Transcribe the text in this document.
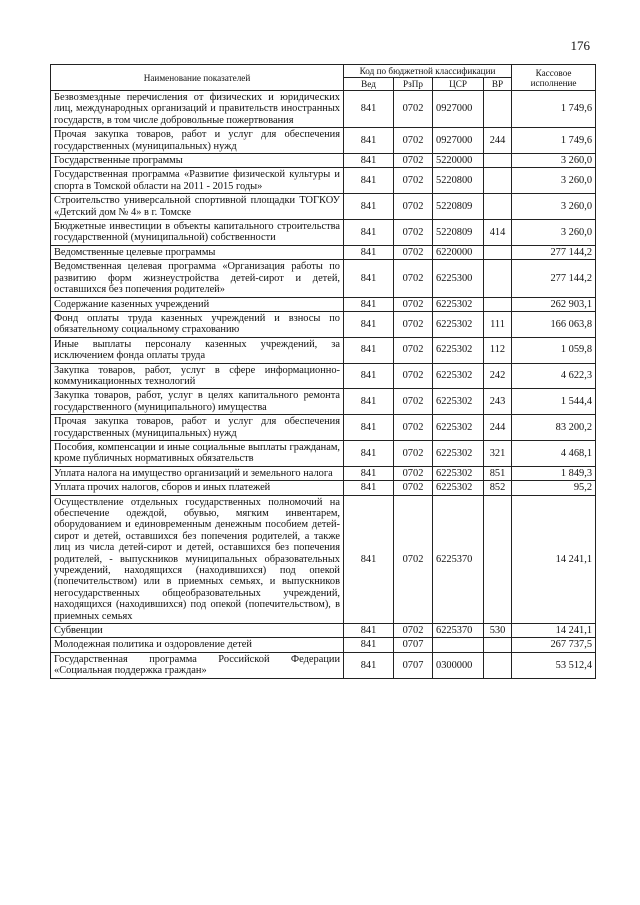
176
Наименование показателей	Код по бюджетной классификации				Кассовое исполнение
	Вед	РзПр	ЦСР	ВР	
Безвозмездные перечисления от физических и юридических лиц, международных организаций и правительств иностранных государств, в том числе добровольные пожертвования	841	0702	0927000		1 749,6
Прочая закупка товаров, работ и услуг для обеспечения государственных (муниципальных) нужд	841	0702	0927000	244	1 749,6
Государственные программы	841	0702	5220000		3 260,0
Государственная программа «Развитие физической культуры и спорта в Томской области на 2011 - 2015 годы»	841	0702	5220800		3 260,0
Строительство универсальной спортивной площадки ТОГКОУ «Детский дом № 4» в г. Томске	841	0702	5220809		3 260,0
Бюджетные инвестиции в объекты капитального строительства государственной (муниципальной) собственности	841	0702	5220809	414	3 260,0
Ведомственные целевые программы	841	0702	6220000		277 144,2
Ведомственная целевая программа «Организация работы по развитию форм жизнеустройства детей-сирот и детей, оставшихся без попечения родителей»	841	0702	6225300		277 144,2
Содержание казенных учреждений	841	0702	6225302		262 903,1
Фонд оплаты труда казенных учреждений и взносы по обязательному социальному страхованию	841	0702	6225302	111	166 063,8
Иные выплаты персоналу казенных учреждений, за исключением фонда оплаты труда	841	0702	6225302	112	1 059,8
Закупка товаров, работ, услуг в сфере информационно-коммуникационных технологий	841	0702	6225302	242	4 622,3
Закупка товаров, работ, услуг в целях капитального ремонта государственного (муниципального) имущества	841	0702	6225302	243	1 544,4
Прочая закупка товаров, работ и услуг для обеспечения государственных (муниципальных) нужд	841	0702	6225302	244	83 200,2
Пособия, компенсации и иные социальные выплаты гражданам, кроме публичных нормативных обязательств	841	0702	6225302	321	4 468,1
Уплата налога на имущество организаций и земельного налога	841	0702	6225302	851	1 849,3
Уплата прочих налогов, сборов и иных платежей	841	0702	6225302	852	95,2
Осуществление отдельных государственных полномочий на обеспечение одеждой, обувью, мягким инвентарем, оборудованием и единовременным денежным пособием детей-сирот и детей, оставшихся без попечения родителей, а также лиц из числа детей-сирот и детей, оставшихся без попечения родителей, - выпускников муниципальных образовательных учреждений, находящихся (находившихся) под опекой (попечительством) или в приемных семьях, и выпускников негосударственных общеобразовательных учреждений, находящихся (находившихся) под опекой (попечительством), в приемных семьях	841	0702	6225370		14 241,1
Субвенции	841	0702	6225370	530	14 241,1
Молодежная политика и оздоровление детей	841	0707			267 737,5
Государственная программа Российской Федерации «Социальная поддержка граждан»	841	0707	0300000		53 512,4
